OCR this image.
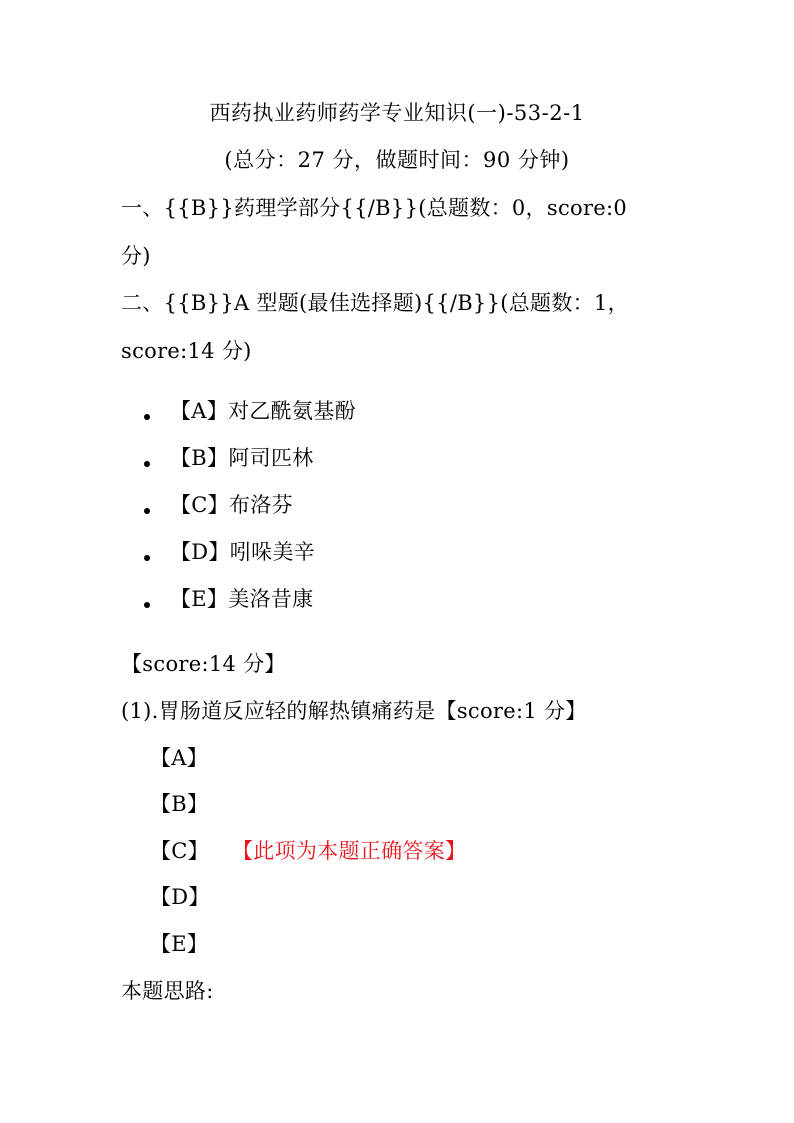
西药执业药师药学专业知识(一)-53-2-1
(总分：27 分，做题时间：90 分钟)
一、{{B}}药理学部分{{/B}}(总题数：0，score:0 分)
二、{{B}}A 型题(最佳选择题){{/B}}(总题数：1，score:14 分)
【A】对乙酰氨基酚
【B】阿司匹林
【C】布洛芬
【D】吲哚美辛
【E】美洛昔康
【score:14 分】
(1).胃肠道反应轻的解热镇痛药是【score:1 分】
【A】
【B】
【C】 【此项为本题正确答案】
【D】
【E】
本题思路:
